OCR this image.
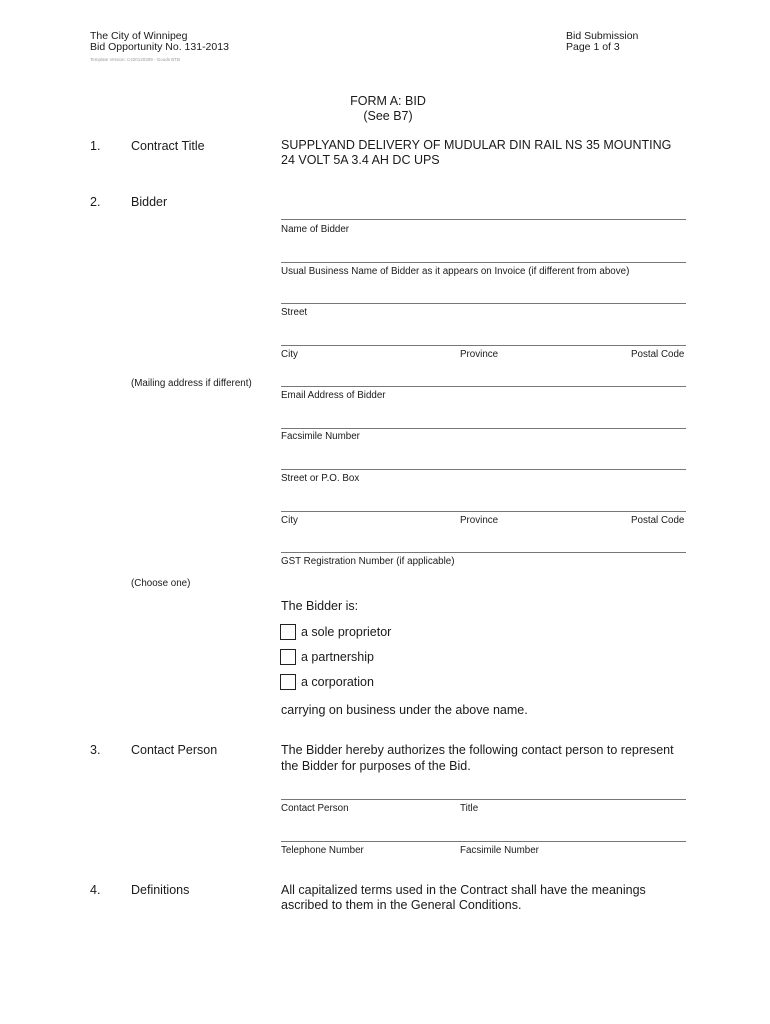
The City of Winnipeg
Bid Opportunity No. 131-2013
Template Version: C420120309 - Goods BTB
Bid Submission
Page 1 of 3
FORM A: BID
(See B7)
1. Contract Title	SUPPLYAND DELIVERY OF MUDULAR DIN RAIL NS 35 MOUNTING
24 VOLT 5A 3.4 AH DC UPS
2. Bidder
Name of Bidder
Usual Business Name of Bidder as it appears on Invoice (if different from above)
Street
City	Province	Postal Code
(Mailing address if different)
Email Address of Bidder
Facsimile Number
Street or P.O. Box
City	Province	Postal Code
GST Registration Number (if applicable)
(Choose one)
The Bidder is:
a sole proprietor
a partnership
a corporation
carrying on business under the above name.
3. Contact Person	The Bidder hereby authorizes the following contact person to represent
the Bidder for purposes of the Bid.
Contact Person	Title
Telephone Number	Facsimile Number
4. Definitions	All capitalized terms used in the Contract shall have the meanings
ascribed to them in the General Conditions.
